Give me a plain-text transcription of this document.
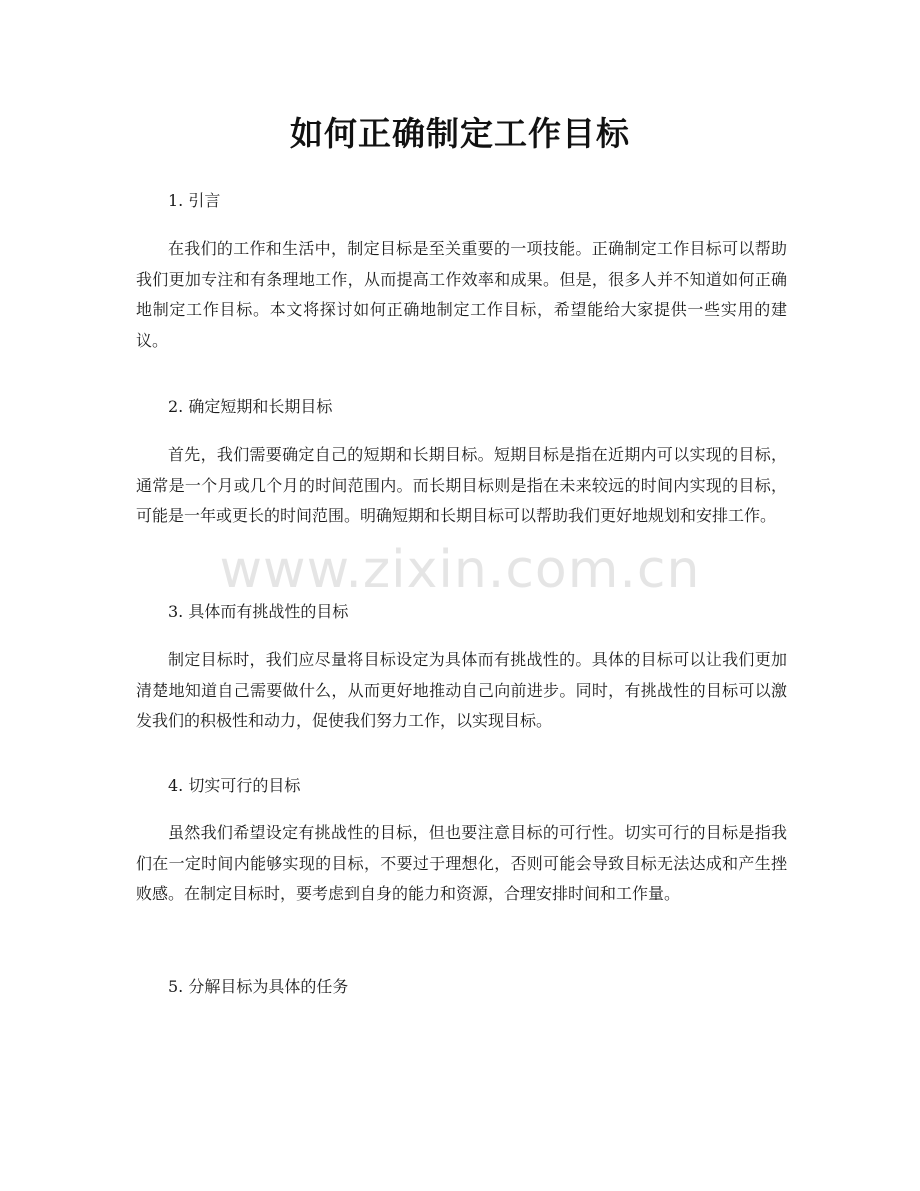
如何正确制定工作目标
1. 引言

在我们的工作和生活中，制定目标是至关重要的一项技能。正确制定工作目标可以帮助我们更加专注和有条理地工作，从而提高工作效率和成果。但是，很多人并不知道如何正确地制定工作目标。本文将探讨如何正确地制定工作目标，希望能给大家提供一些实用的建议。

2. 确定短期和长期目标

首先，我们需要确定自己的短期和长期目标。短期目标是指在近期内可以实现的目标，通常是一个月或几个月的时间范围内。而长期目标则是指在未来较远的时间内实现的目标，可能是一年或更长的时间范围。明确短期和长期目标可以帮助我们更好地规划和安排工作。

3. 具体而有挑战性的目标

制定目标时，我们应尽量将目标设定为具体而有挑战性的。具体的目标可以让我们更加清楚地知道自己需要做什么，从而更好地推动自己向前进步。同时，有挑战性的目标可以激发我们的积极性和动力，促使我们努力工作，以实现目标。

4. 切实可行的目标

虽然我们希望设定有挑战性的目标，但也要注意目标的可行性。切实可行的目标是指我们在一定时间内能够实现的目标，不要过于理想化，否则可能会导致目标无法达成和产生挫败感。在制定目标时，要考虑到自身的能力和资源，合理安排时间和工作量。

5. 分解目标为具体的任务
www.zixin.com.cn
